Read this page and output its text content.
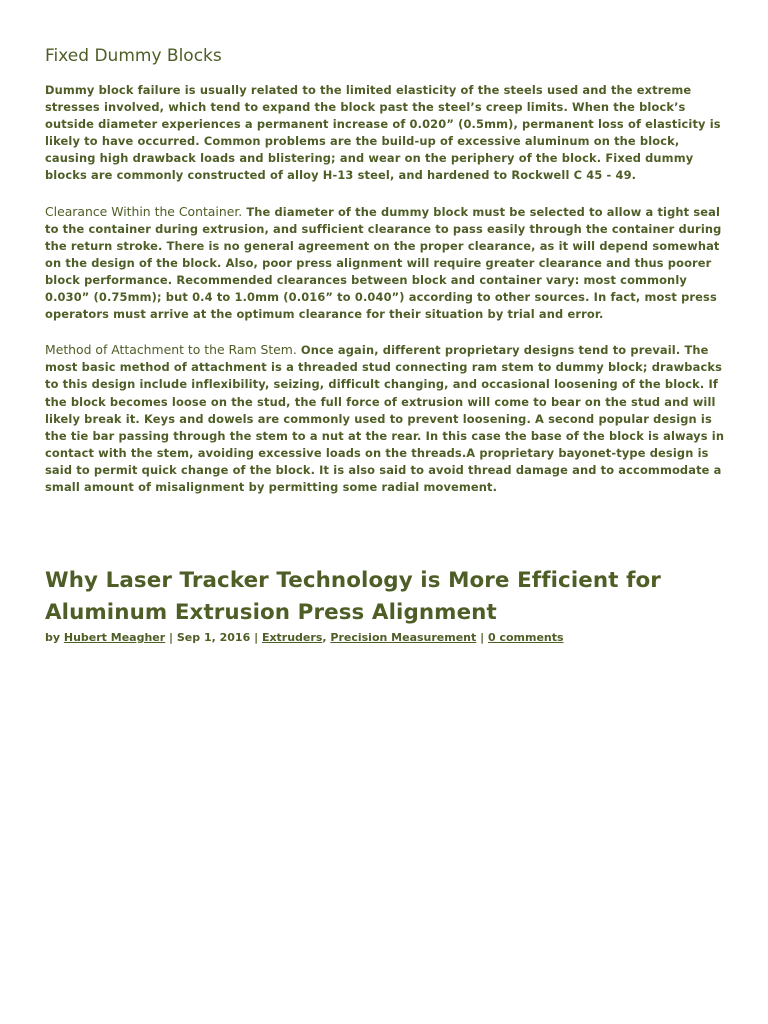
Fixed Dummy Blocks

Dummy block failure is usually related to the limited elasticity of the steels used and the extreme stresses involved, which tend to expand the block past the steel’s creep limits. When the block’s outside diameter experiences a permanent increase of 0.020” (0.5mm), permanent loss of elasticity is likely to have occurred. Common problems are the build-up of excessive aluminum on the block, causing high drawback loads and blistering; and wear on the periphery of the block. Fixed dummy blocks are commonly constructed of alloy H-13 steel, and hardened to Rockwell C 45 - 49.

Clearance Within the Container. The diameter of the dummy block must be selected to allow a tight seal to the container during extrusion, and sufficient clearance to pass easily through the container during the return stroke. There is no general agreement on the proper clearance, as it will depend somewhat on the design of the block. Also, poor press alignment will require greater clearance and thus poorer block performance. Recommended clearances between block and container vary: most commonly 0.030” (0.75mm); but 0.4 to 1.0mm (0.016” to 0.040”) according to other sources. In fact, most press operators must arrive at the optimum clearance for their situation by trial and error.

Method of Attachment to the Ram Stem. Once again, different proprietary designs tend to prevail. The most basic method of attachment is a threaded stud connecting ram stem to dummy block; drawbacks to this design include inflexibility, seizing, difficult changing, and occasional loosening of the block. If the block becomes loose on the stud, the full force of extrusion will come to bear on the stud and will likely break it. Keys and dowels are commonly used to prevent loosening. A second popular design is the tie bar passing through the stem to a nut at the rear. In this case the base of the block is always in contact with the stem, avoiding excessive loads on the threads.A proprietary bayonet-type design is said to permit quick change of the block. It is also said to avoid thread damage and to accommodate a small amount of misalignment by permitting some radial movement.

Why Laser Tracker Technology is More Efficient for Aluminum Extrusion Press Alignment
by Hubert Meagher | Sep 1, 2016 | Extruders, Precision Measurement | 0 comments
